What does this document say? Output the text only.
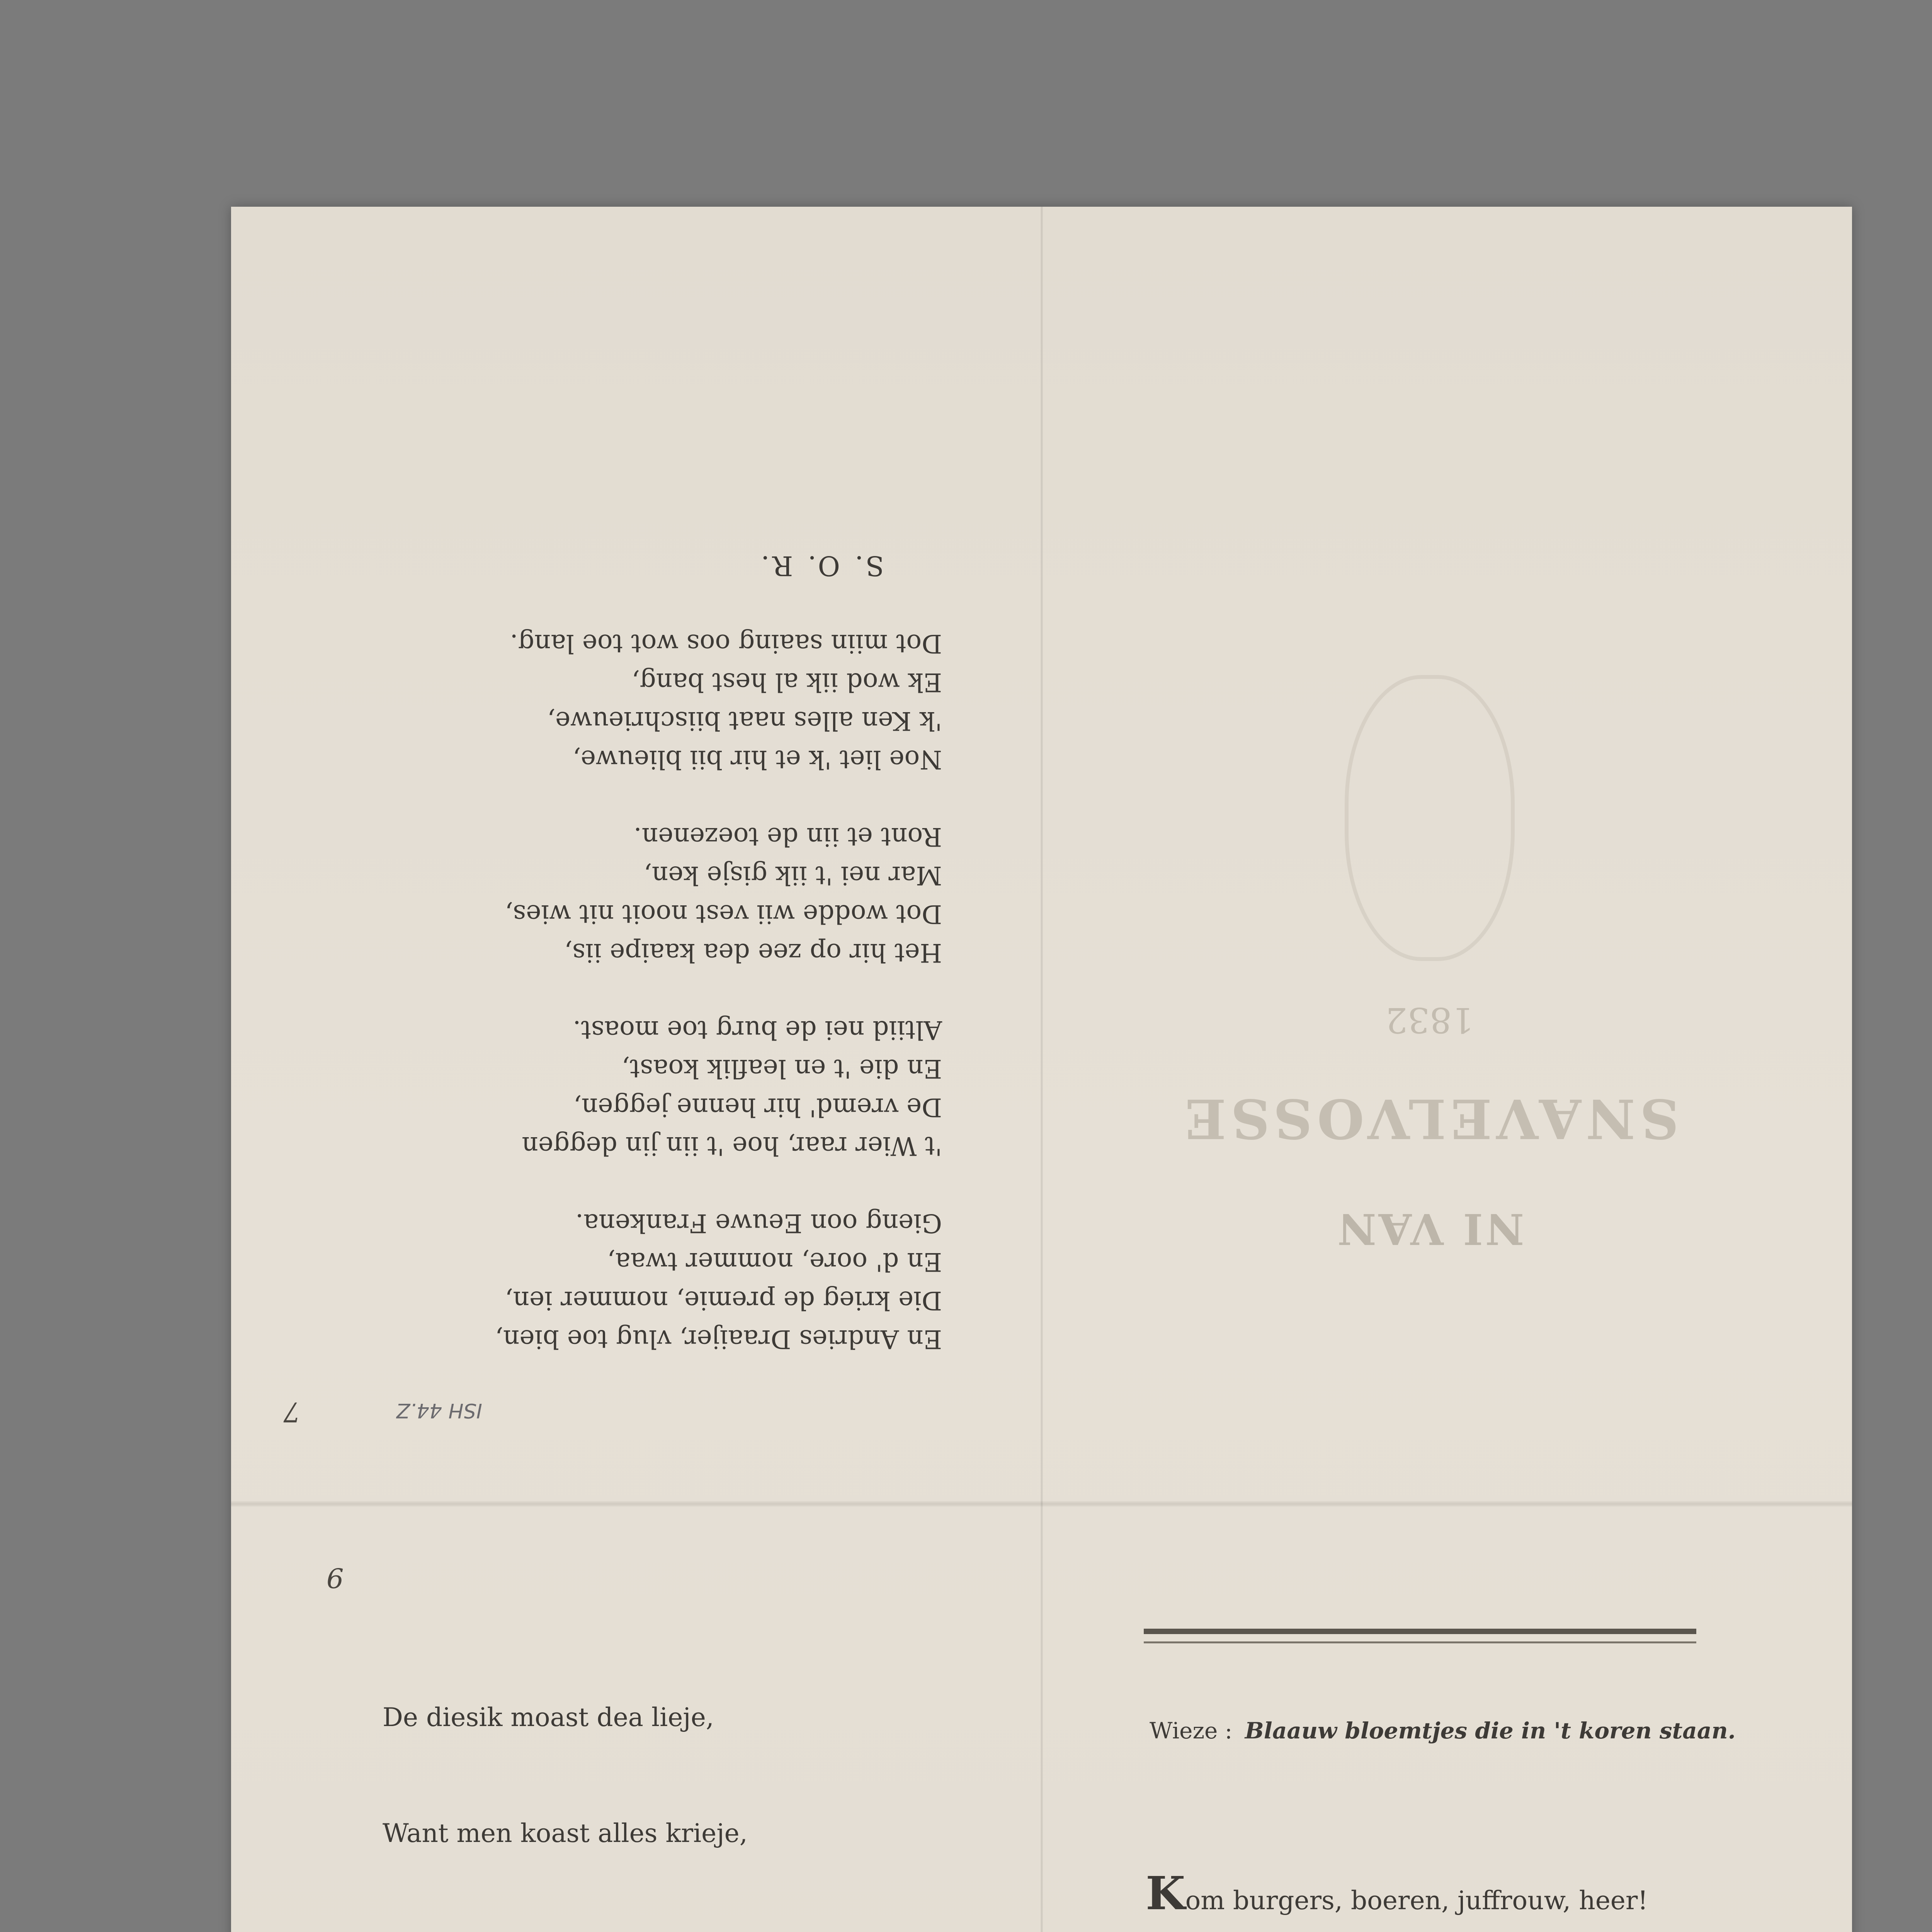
7	ISH 44.Z
En Andries Draaijer, vlug toe bien,
Die krieg de premie, nommer ien,
En d' oore, nommer twaa,
Gieng oon Eeuwe Frankena.
't Wier raar, hoe 't iin jin deggen
De vremd' hir henne jeggen,
En die 't en leaflik koast,
Altiid nei de burg toe moast.
Het hir op zee dea kaaipe iis,
Dot wodde wii vest nooit nit wies,
Mar nei 't iik gisje ken,
Ront et iin de toezenen.
Noe liet 'k et hir bii blieuwe,
'k Ken alles naat biischrieuwe,
Ek wod iik al hest bang,
Dot miin saaing oos wot toe lang.
S. O. R.
NI VAN
SNAVELVOSSE
1832
6

De diesik moast dea lieje,

Want men koast alles krieje,

Wieze : Blaauw bloemtjes die in 't koren staan.

Kom burgers, boeren, juffrouw, heer!
